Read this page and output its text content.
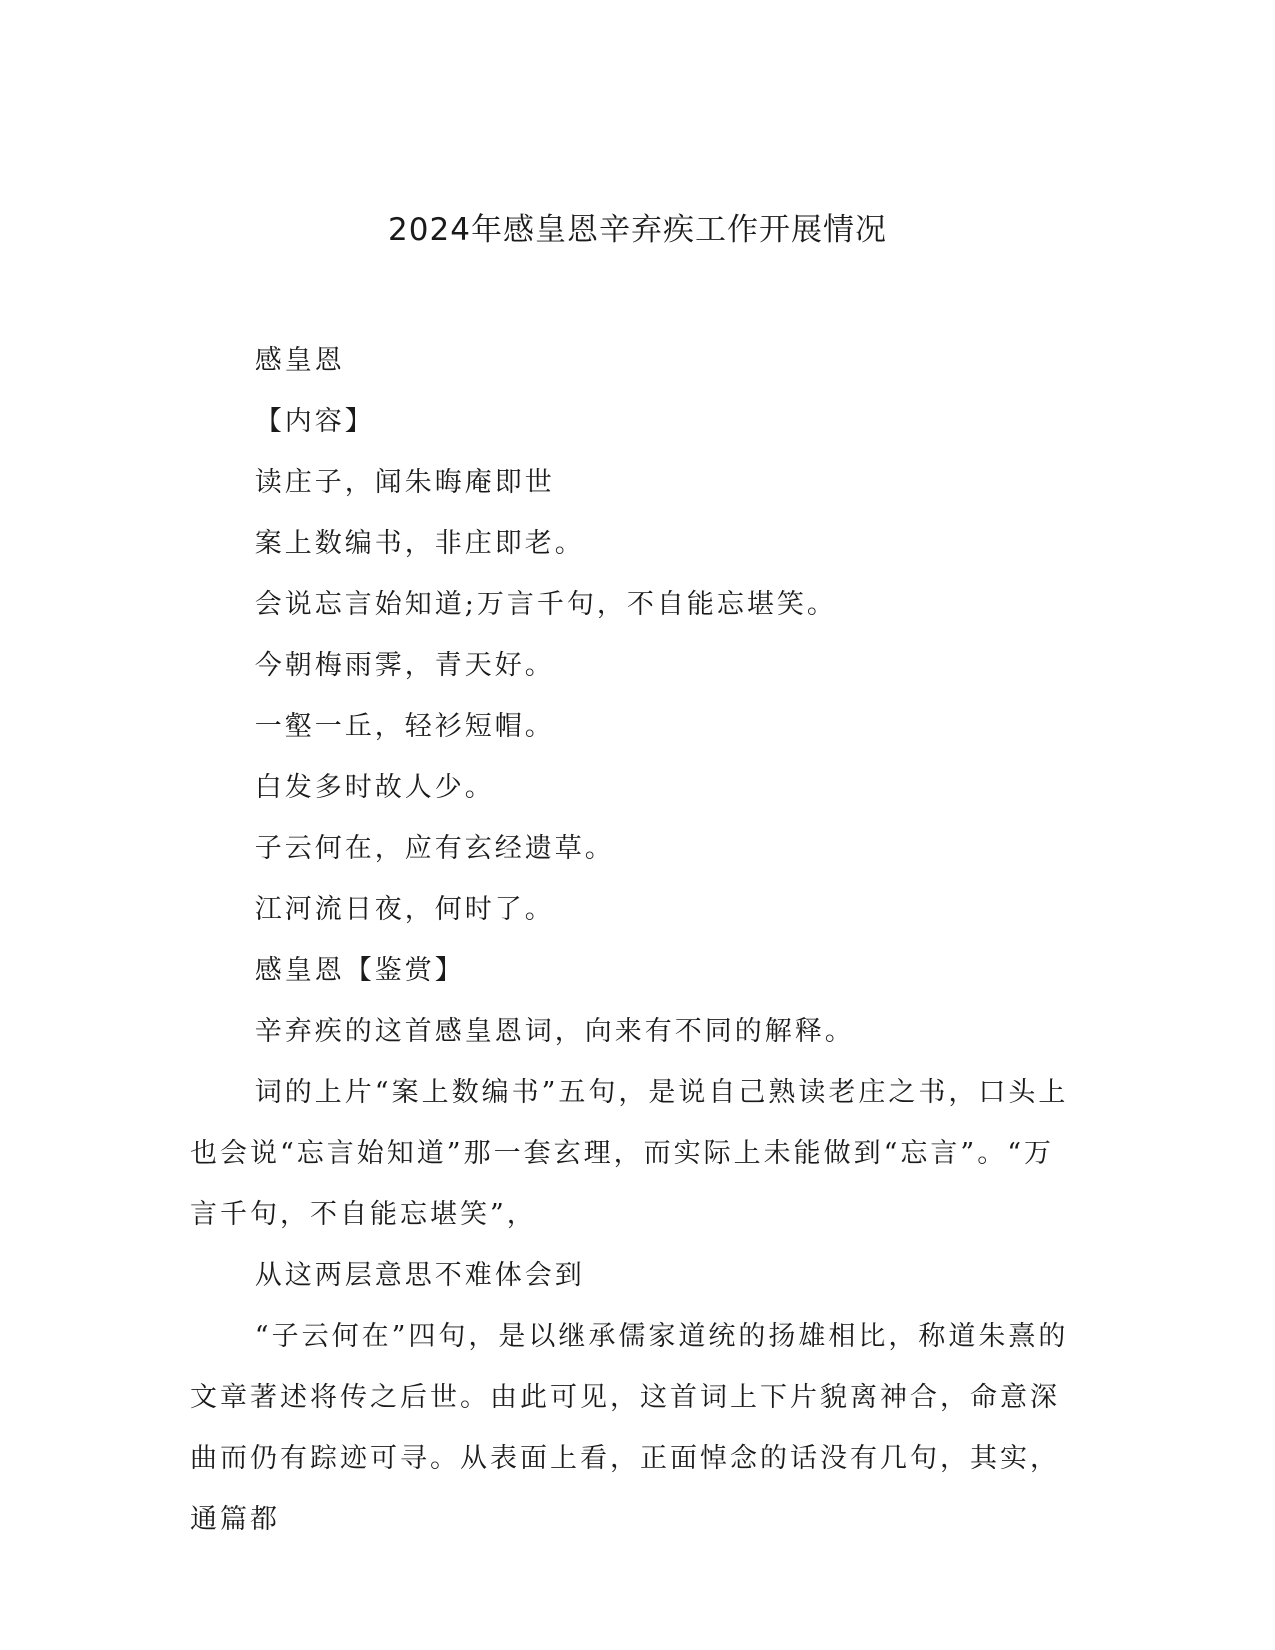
2024年感皇恩辛弃疾工作开展情况

感皇恩

【内容】

读庄子，闻朱晦庵即世

案上数编书，非庄即老。

会说忘言始知道;万言千句，不自能忘堪笑。

今朝梅雨霁，青天好。

一壑一丘，轻衫短帽。

白发多时故人少。

子云何在，应有玄经遗草。

江河流日夜，何时了。

感皇恩【鉴赏】

辛弃疾的这首感皇恩词，向来有不同的解释。

词的上片“案上数编书”五句，是说自己熟读老庄之书，口头上也会说“忘言始知道”那一套玄理，而实际上未能做到“忘言”。“万言千句，不自能忘堪笑”，

从这两层意思不难体会到

“子云何在”四句，是以继承儒家道统的扬雄相比，称道朱熹的文章著述将传之后世。由此可见，这首词上下片貌离神合，命意深曲而仍有踪迹可寻。从表面上看，正面悼念的话没有几句，其实，通篇都
